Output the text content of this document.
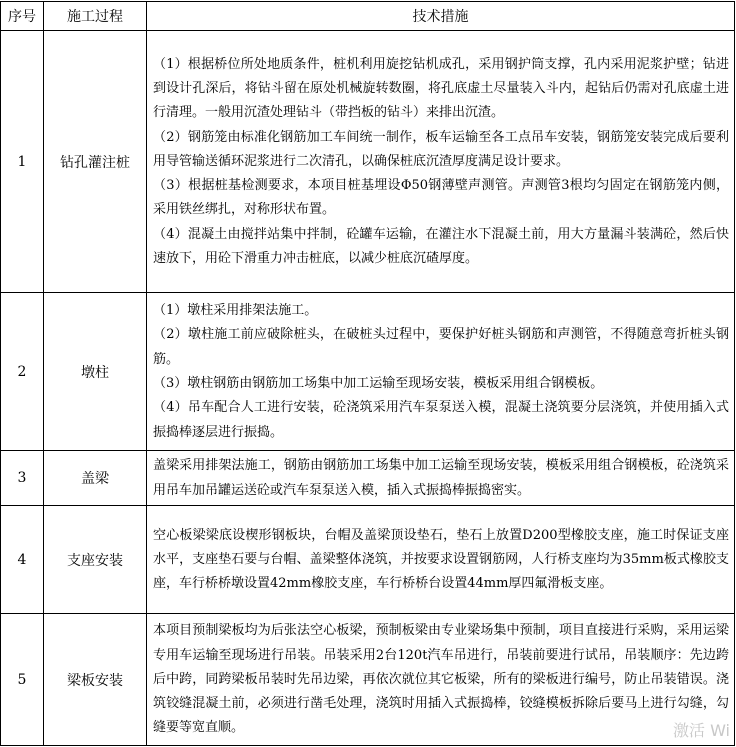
序号	施工过程	技术措施
1	钻孔灌注桩	（1）根据桥位所处地质条件，桩机利用旋挖钻机成孔，采用钢护筒支撑，孔内采用泥浆护壁；钻进到设计孔深后，将钻斗留在原处机械旋转数圈，将孔底虚土尽量装入斗内，起钻后仍需对孔底虚土进行清理。一般用沉渣处理钻斗（带挡板的钻斗）来排出沉渣。

（2）钢筋笼由标准化钢筋加工车间统一制作，板车运输至各工点吊车安装，钢筋笼安装完成后要利用导管输送循环泥浆进行二次清孔，以确保桩底沉渣厚度满足设计要求。

（3）根据桩基检测要求，本项目桩基埋设Φ50钢薄壁声测管。声测管3根均匀固定在钢筋笼内侧，采用铁丝绑扎，对称形状布置。

（4）混凝土由搅拌站集中拌制，砼罐车运输，在灌注水下混凝土前，用大方量漏斗装满砼，然后快速放下，用砼下滑重力冲击桩底，以减少桩底沉碴厚度。

2	墩柱	（1）墩柱采用排架法施工。

（2）墩柱施工前应破除桩头，在破桩头过程中，要保护好桩头钢筋和声测管，不得随意弯折桩头钢筋。

（3）墩柱钢筋由钢筋加工场集中加工运输至现场安装，模板采用组合钢模板。

（4）吊车配合人工进行安装，砼浇筑采用汽车泵泵送入模，混凝土浇筑要分层浇筑，并使用插入式振捣棒逐层进行振捣。

3	盖梁	盖梁采用排架法施工，钢筋由钢筋加工场集中加工运输至现场安装，模板采用组合钢模板，砼浇筑采用吊车加吊罐运送砼或汽车泵泵送入模，插入式振捣棒振捣密实。

4	支座安装	空心板梁梁底设楔形钢板块，台帽及盖梁顶设垫石，垫石上放置D200型橡胶支座，施工时保证支座水平，支座垫石要与台帽、盖梁整体浇筑，并按要求设置钢筋网，人行桥支座均为35mm板式橡胶支座，车行桥桥墩设置42mm橡胶支座，车行桥桥台设置44mm厚四氟滑板支座。

5	梁板安装	本项目预制梁板均为后张法空心板梁，预制板梁由专业梁场集中预制，项目直接进行采购，采用运梁专用车运输至现场进行吊装。吊装采用2台120t汽车吊进行，吊装前要进行试吊，吊装顺序：先边跨后中跨，同跨梁板吊装时先吊边梁，再依次就位其它板梁，所有的梁板进行编号，防止吊装错误。浇筑铰缝混凝土前，必须进行凿毛处理，浇筑时用插入式振捣棒，铰缝模板拆除后要马上进行勾缝，勾缝要等宽直顺。	激活 Wi
